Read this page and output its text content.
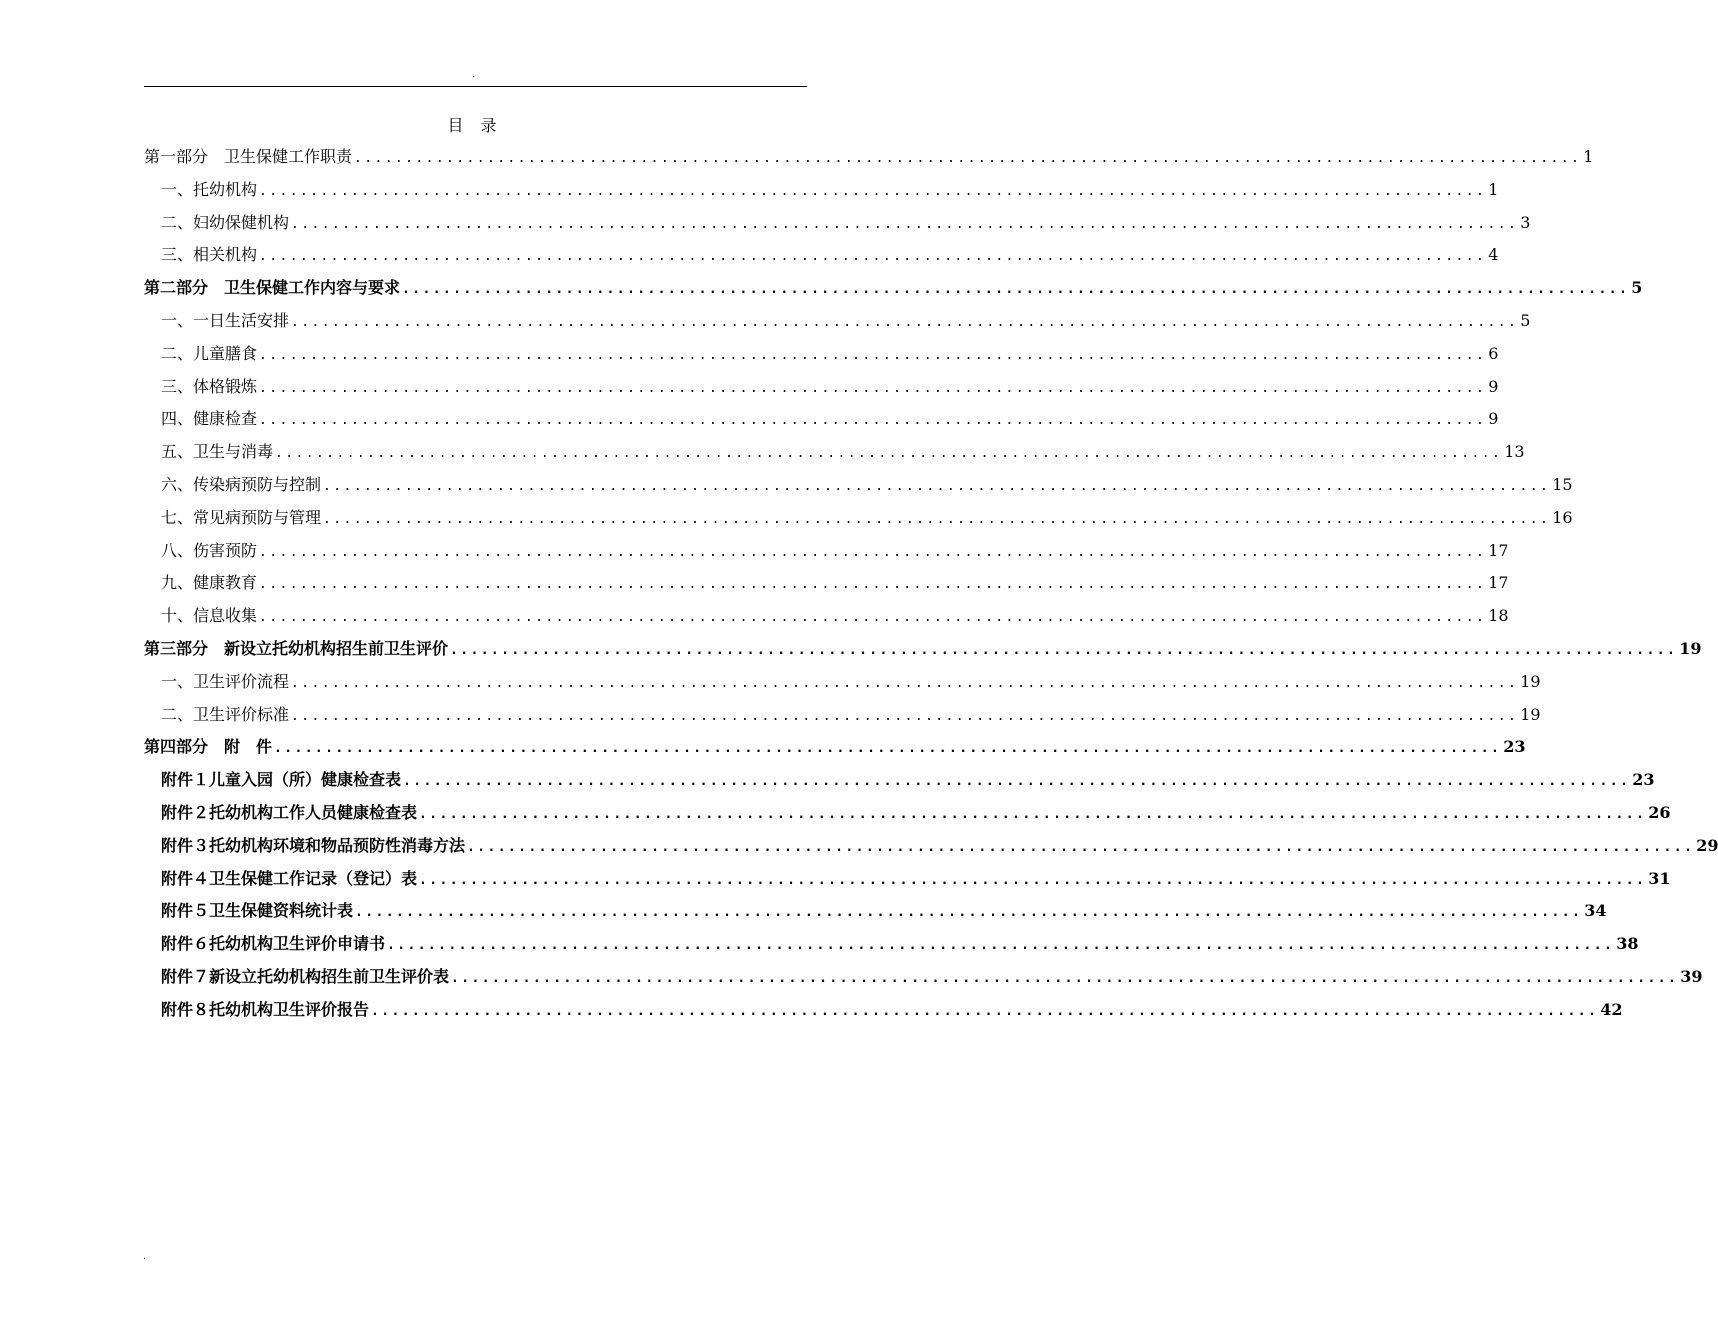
.
目 录
第一部分　卫生保健工作职责 ........................................................................................................................ 1
一、托幼机构 ........................................................................................................................ 1
二、妇幼保健机构 ........................................................................................................................ 3
三、相关机构 ........................................................................................................................ 4
第二部分　卫生保健工作内容与要求 ........................................................................................................................ 5
一、一日生活安排 ........................................................................................................................ 5
二、儿童膳食 ........................................................................................................................ 6
三、体格锻炼 ........................................................................................................................ 9
四、健康检查 ........................................................................................................................ 9
五、卫生与消毒 ........................................................................................................................ 13
六、传染病预防与控制 ........................................................................................................................ 15
七、常见病预防与管理 ........................................................................................................................ 16
八、伤害预防 ........................................................................................................................ 17
九、健康教育 ........................................................................................................................ 17
十、信息收集 ........................................................................................................................ 18
第三部分　新设立托幼机构招生前卫生评价 ........................................................................................................................ 19
一、卫生评价流程 ........................................................................................................................ 19
二、卫生评价标准 ........................................................................................................................ 19
第四部分　附　件 ........................................................................................................................ 23
附件１儿童入园（所）健康检查表 ........................................................................................................................ 23
附件２托幼机构工作人员健康检查表 ........................................................................................................................ 26
附件３托幼机构环境和物品预防性消毒方法 ........................................................................................................................ 29
附件４卫生保健工作记录（登记）表 ........................................................................................................................ 31
附件５卫生保健资料统计表 ........................................................................................................................ 34
附件６托幼机构卫生评价申请书 ........................................................................................................................ 38
附件７新设立托幼机构招生前卫生评价表 ........................................................................................................................ 39
附件８托幼机构卫生评价报告 ........................................................................................................................ 42
.
